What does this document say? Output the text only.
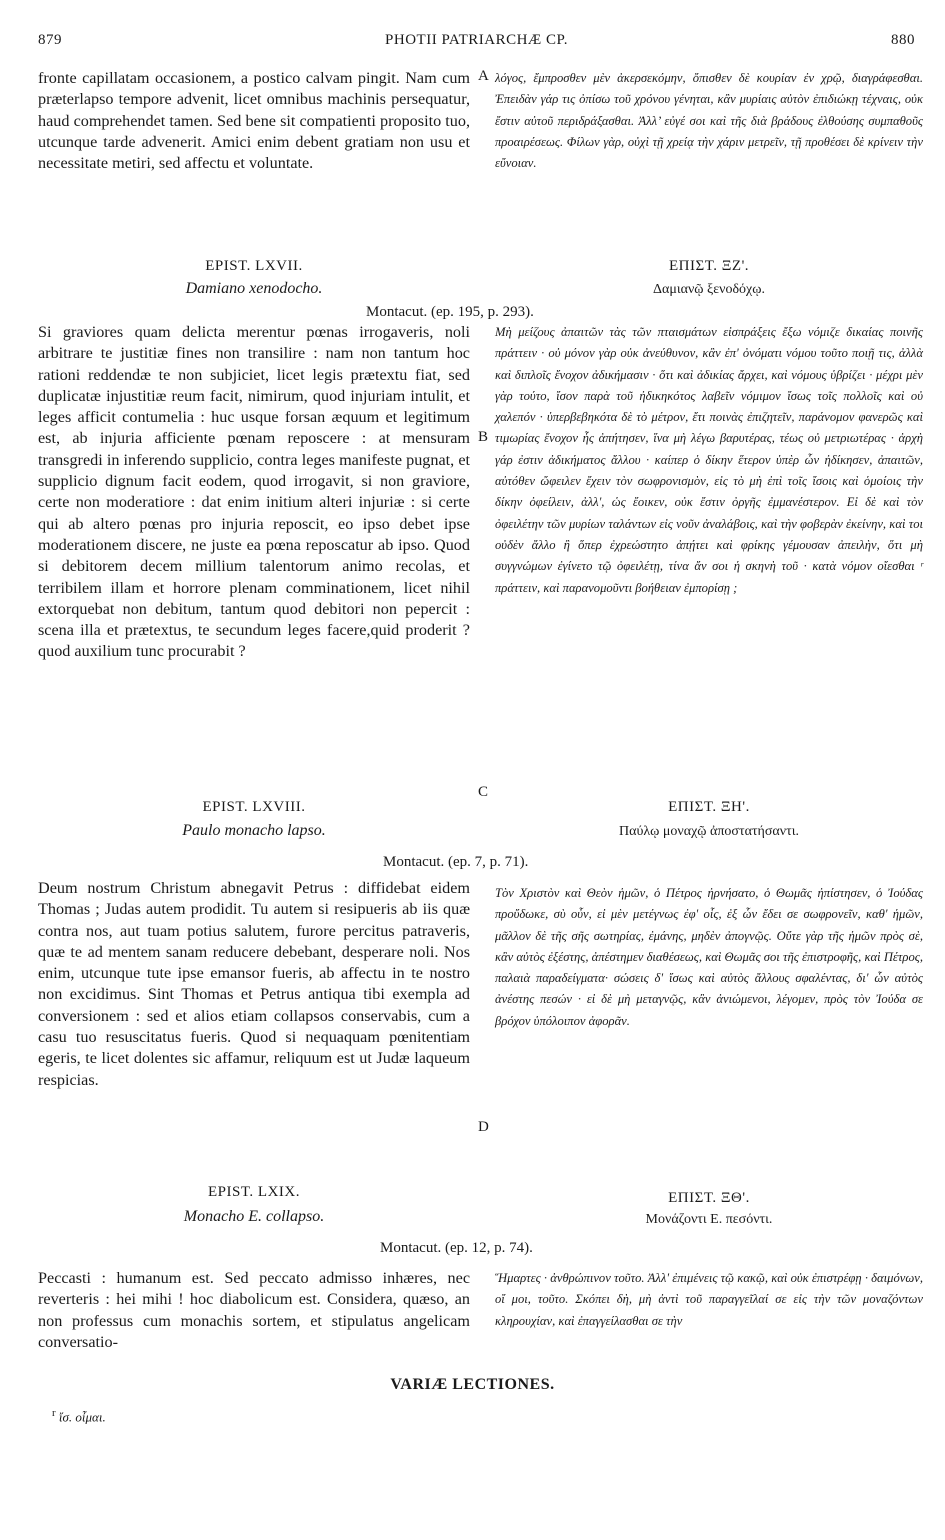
879	PHOTII PATRIARCHÆ CP.	880

fronte capillatam occasionem, a postico calvam pingit. Nam cum præterlapso tempore advenit, licet omnibus machinis persequatur, haud comprehendet tamen. Sed bene sit compatienti proposito tuo, utcunque tarde advenerit. Amici enim debent gratiam non usu et necessitate metiri, sed affectu et voluntate.

λόγος, ἔμπροσθεν μὲν ἀκερσεκόμην, ὄπισθεν δὲ κουρίαν ἐν χρῷ, διαγράφεσθαι. Ἐπειδὰν γάρ τις ὀπίσω τοῦ χρόνου γένηται, κἂν μυρίαις αὐτὸν ἐπιδιώκῃ τέχναις, οὐκ ἔστιν αὐτοῦ περιδράξασθαι. Ἀλλ’ εὐγέ σοι καὶ τῆς διὰ βράδους ἐλθούσης συμπαθοῦς προαιρέσεως. Φίλων γὰρ, οὐχὶ τῇ χρείᾳ τὴν χάριν μετρεῖν, τῇ προθέσει δὲ κρίνειν τὴν εὔνοιαν.

A
EPIST. LXVII.	ΕΠΙΣΤ. ΞΖ'.
Damiano xenodocho.	Δαμιανῷ ξενοδόχῳ.
Montacut. (ep. 195, p. 293).

Si graviores quam delicta merentur pœnas irrogaveris, noli arbitrare te justitiæ fines non transilire : nam non tantum hoc rationi reddendæ te non subjiciet, licet legis prætextu fiat, sed duplicatæ injustitiæ reum facit, nimirum, quod injuriam intulit, et leges afficit contumelia : huc usque forsan æquum et legitimum est, ab injuria afficiente pœnam reposcere : at mensuram transgredi in inferendo supplicio, contra leges manifeste pugnat, et supplicio dignum facit eodem, quod irrogavit, si non graviore, certe non moderatiore : dat enim initium alteri injuriæ : si certe qui ab altero pœnas pro injuria reposcit, eo ipso debet ipse moderationem discere, ne juste ea pœna reposcatur ab ipso. Quod si debitorem decem millium talentorum animo recolas, et terribilem illam et horrore plenam comminationem, licet nihil extorquebat non debitum, tantum quod debitori non pepercit : scena illa et prætextus, te secundum leges facere,quid proderit ? quod auxilium tunc procurabit ?

Μὴ μείζους ἀπαιτῶν τὰς τῶν πταισμάτων εἰσπράξεις ἔξω νόμιζε δικαίας ποινῆς πράττειν · οὐ μόνον γὰρ οὐκ ἀνεύθυνον, κἂν ἐπ' ὀνόματι νόμου τοῦτο ποιῇ τις, ἀλλὰ καὶ διπλοῖς ἔνοχον ἀδικήμασιν · ὅτι καὶ ἀδικίας ἄρχει, καὶ νόμους ὑβρίζει · μέχρι μὲν γὰρ τούτο, ἴσον παρὰ τοῦ ἠδικηκότος λαβεῖν νόμιμον ἴσως τοῖς πολλοῖς καὶ οὐ χαλεπόν · ὑπερβεβηκότα δὲ τὸ μέτρον, ἔτι ποινὰς ἐπιζητεῖν, παράνομον φανερῶς καὶ τιμωρίας ἔνοχον ἧς ἀπήτησεν, ἵνα μὴ λέγω βαρυτέρας, τέως οὐ μετριωτέρας · ἀρχὴ γάρ ἐστιν ἀδικήματος ἄλλου · καίπερ ὁ δίκην ἕτερον ὑπὲρ ὧν ἠδίκησεν, ἀπαιτῶν, αὐτόθεν ὤφειλεν ἔχειν τὸν σωφρονισμὸν, εἰς τὸ μὴ ἐπὶ τοῖς ἴσοις καὶ ὁμοίοις τὴν δίκην ὀφείλειν, ἀλλ', ὡς ἔοικεν, οὐκ ἔστιν ὀργῆς ἐμμανέστερον. Εἰ δὲ καὶ τὸν ὀφειλέτην τῶν μυρίων ταλάντων εἰς νοῦν ἀναλάβοις, καὶ τὴν φοβερὰν ἐκείνην, καὶ τοι οὐδὲν ἄλλο ἢ ὅπερ ἐχρεώστητο ἀπῄτει καὶ φρίκης γέμουσαν ἀπειλὴν, ὅτι μὴ συγγνώμων ἐγίνετο τῷ ὀφειλέτῃ, τίνα ἄν σοι ἡ σκηνὴ τοῦ · κατὰ νόμον οἴεσθαι ʳ πράττειν, καὶ παρανομοῦντι βοήθειαν ἐμπορίσῃ ;

B
C
EPIST. LXVIII.	ΕΠΙΣΤ. ΞΗ'.
Paulo monacho lapso.	Παύλῳ μοναχῷ ἀποστατήσαντι.
Montacut. (ep. 7, p. 71).

Deum nostrum Christum abnegavit Petrus : diffidebat eidem Thomas ; Judas autem prodidit. Tu autem si resipueris ab iis quæ contra nos, aut tuam potius salutem, furore percitus patraveris, quæ te ad mentem sanam reducere debebant, desperare noli. Nos enim, utcunque tute ipse emansor fueris, ab affectu in te nostro non excidimus. Sint Thomas et Petrus antiqua tibi exempla ad conversionem : sed et alios etiam collapsos conservabis, cum a casu tuo resuscitatus fueris. Quod si nequaquam pœnitentiam egeris, te licet dolentes sic affamur, reliquum est ut Judæ laqueum respicias.

Τὸν Χριστὸν καὶ Θεὸν ἡμῶν, ὁ Πέτρος ἠρνήσατο, ὁ Θωμᾶς ἠπίστησεν, ὁ Ἰούδας προὔδωκε, σὺ οὖν, εἰ μὲν μετέγνως ἐφ' οἷς, ἐξ ὧν ἔδει σε σωφρονεῖν, καθ' ἡμῶν, μᾶλλον δὲ τῆς σῆς σωτηρίας, ἐμάνης, μηδὲν ἀπογνῷς. Οὔτε γὰρ τῆς ἡμῶν πρὸς σὲ, κἂν αὐτὸς ἐξέστης, ἀπέστημεν διαθέσεως, καὶ Θωμᾶς σοι τῆς ἐπιστροφῆς, καὶ Πέτρος, παλαιὰ παραδείγματα· σώσεις δ' ἴσως καὶ αὐτὸς ἄλλους σφαλέντας, δι' ὧν αὐτὸς ἀνέστης πεσών · εἰ δὲ μὴ μεταγνῷς, κἂν ἀνιώμενοι, λέγομεν, πρὸς τὸν Ἰούδα σε βρόχον ὑπόλοιπον ἀφορᾶν.

D
EPIST. LXIX.	ΕΠΙΣΤ. ΞΘ'.
Monacho E. collapso.	Μονάζοντι Ε. πεσόντι.
Montacut. (ep. 12, p. 74).

Peccasti : humanum est. Sed peccato admisso inhæres, nec reverteris : hei mihi ! hoc diabolicum est. Considera, quæso, an non professus cum monachis sortem, et stipulatus angelicam conversatio-

Ἥμαρτες · ἀνθρώπινον τοῦτο. Ἀλλ' ἐπιμένεις τῷ κακῷ, καὶ οὐκ ἐπιστρέφῃ · δαιμόνων, οἴ μοι, τοῦτο. Σκόπει δὴ, μὴ ἀντὶ τοῦ παραγγεῖλαί σε εἰς τὴν τῶν μοναζόντων κληρουχίαν, καὶ ἐπαγγείλασθαι σε τὴν

VARIÆ LECTIONES.
$^r$ ἴσ. οἶμαι.
